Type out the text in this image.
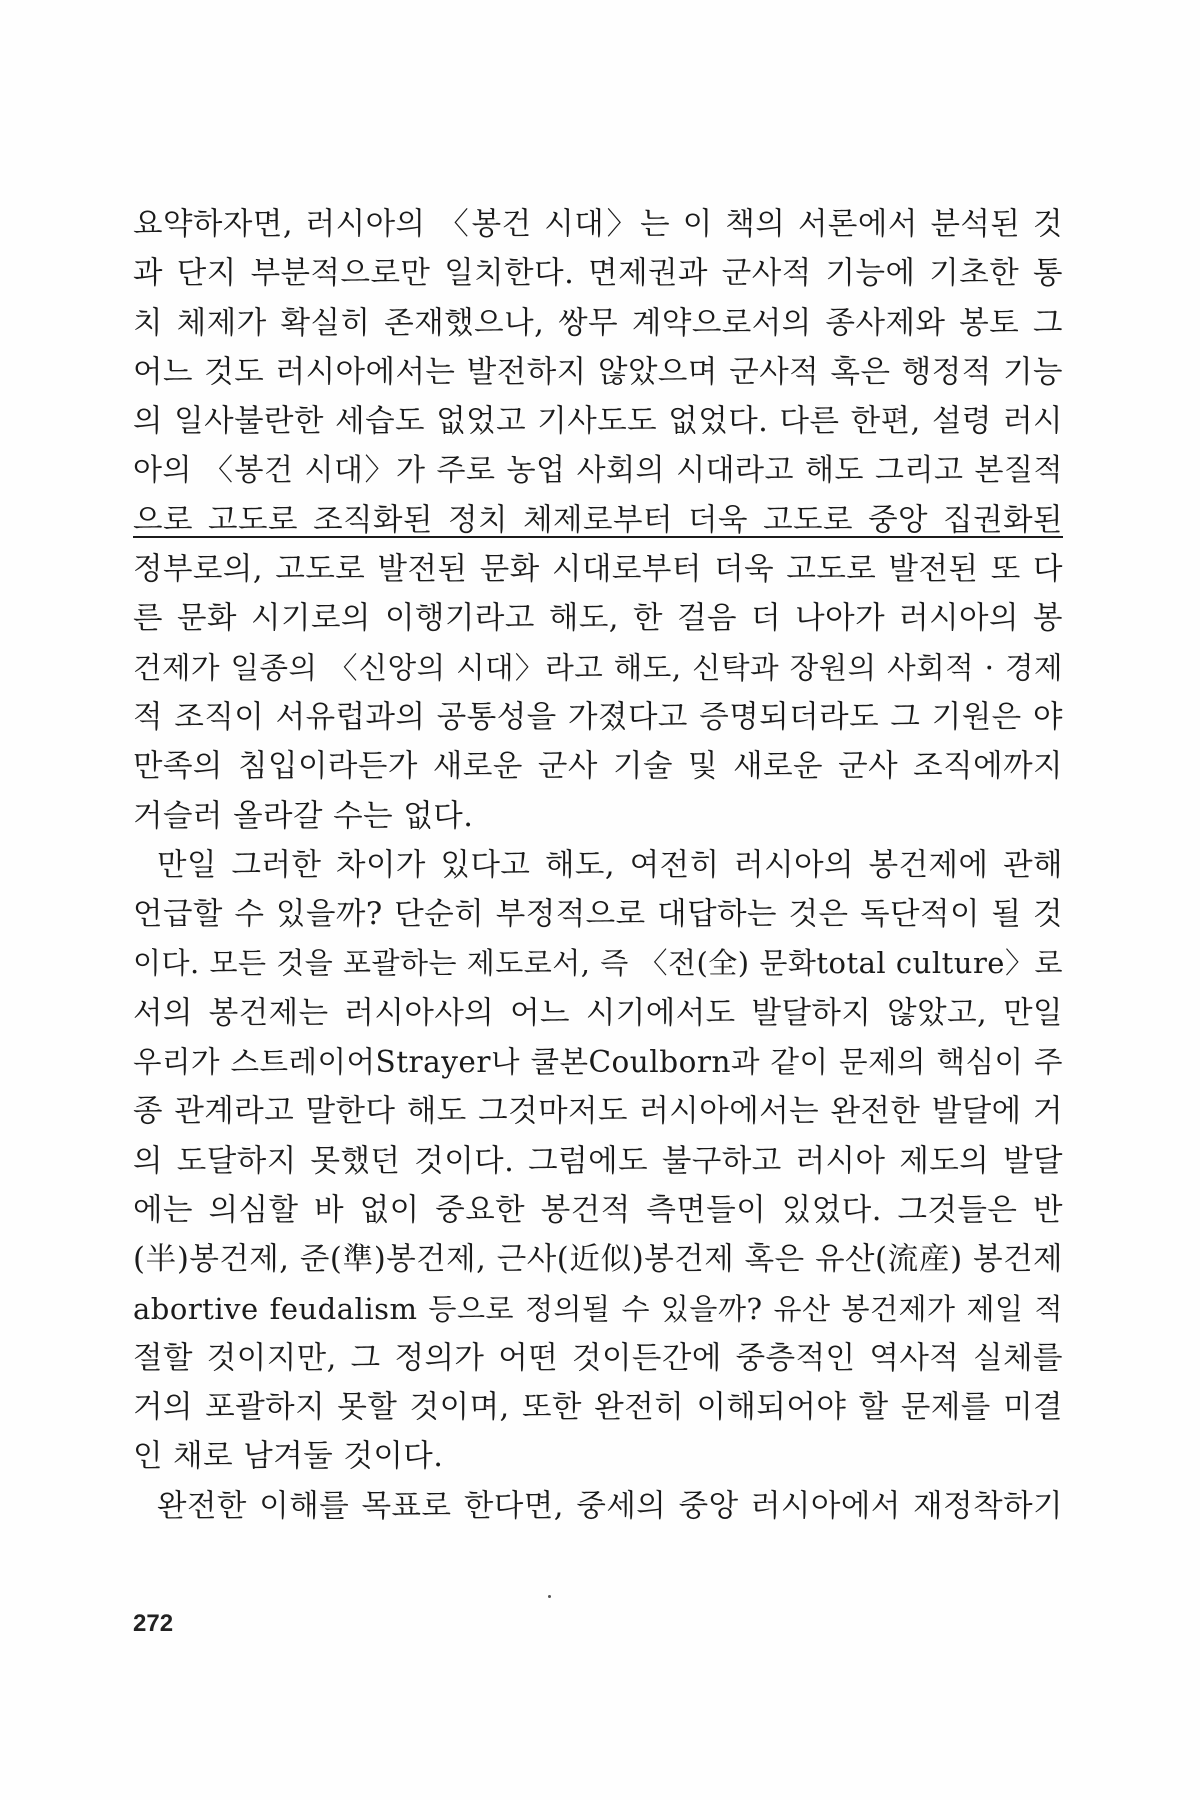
요약하자면, 러시아의 〈봉건 시대〉는 이 책의 서론에서 분석된 것
과 단지 부분적으로만 일치한다. 면제권과 군사적 기능에 기초한 통
치 체제가 확실히 존재했으나, 쌍무 계약으로서의 종사제와 봉토 그
어느 것도 러시아에서는 발전하지 않았으며 군사적 혹은 행정적 기능
의 일사불란한 세습도 없었고 기사도도 없었다. 다른 한편, 설령 러시
아의 〈봉건 시대〉가 주로 농업 사회의 시대라고 해도 그리고 본질적
으로 고도로 조직화된 정치 체제로부터 더욱 고도로 중앙 집권화된
정부로의, 고도로 발전된 문화 시대로부터 더욱 고도로 발전된 또 다
른 문화 시기로의 이행기라고 해도, 한 걸음 더 나아가 러시아의 봉
건제가 일종의 〈신앙의 시대〉라고 해도, 신탁과 장원의 사회적 · 경제
적 조직이 서유럽과의 공통성을 가졌다고 증명되더라도 그 기원은 야
만족의 침입이라든가 새로운 군사 기술 및 새로운 군사 조직에까지
거슬러 올라갈 수는 없다.
만일 그러한 차이가 있다고 해도, 여전히 러시아의 봉건제에 관해
언급할 수 있을까? 단순히 부정적으로 대답하는 것은 독단적이 될 것
이다. 모든 것을 포괄하는 제도로서, 즉 〈전(全) 문화total culture〉로
서의 봉건제는 러시아사의 어느 시기에서도 발달하지 않았고, 만일
우리가 스트레이어Strayer나 쿨본Coulborn과 같이 문제의 핵심이 주
종 관계라고 말한다 해도 그것마저도 러시아에서는 완전한 발달에 거
의 도달하지 못했던 것이다. 그럼에도 불구하고 러시아 제도의 발달
에는 의심할 바 없이 중요한 봉건적 측면들이 있었다. 그것들은 반
(半)봉건제, 준(準)봉건제, 근사(近似)봉건제 혹은 유산(流産) 봉건제
abortive feudalism 등으로 정의될 수 있을까? 유산 봉건제가 제일 적
절할 것이지만, 그 정의가 어떤 것이든간에 중층적인 역사적 실체를
거의 포괄하지 못할 것이며, 또한 완전히 이해되어야 할 문제를 미결
인 채로 남겨둘 것이다.
완전한 이해를 목표로 한다면, 중세의 중앙 러시아에서 재정착하기
272
